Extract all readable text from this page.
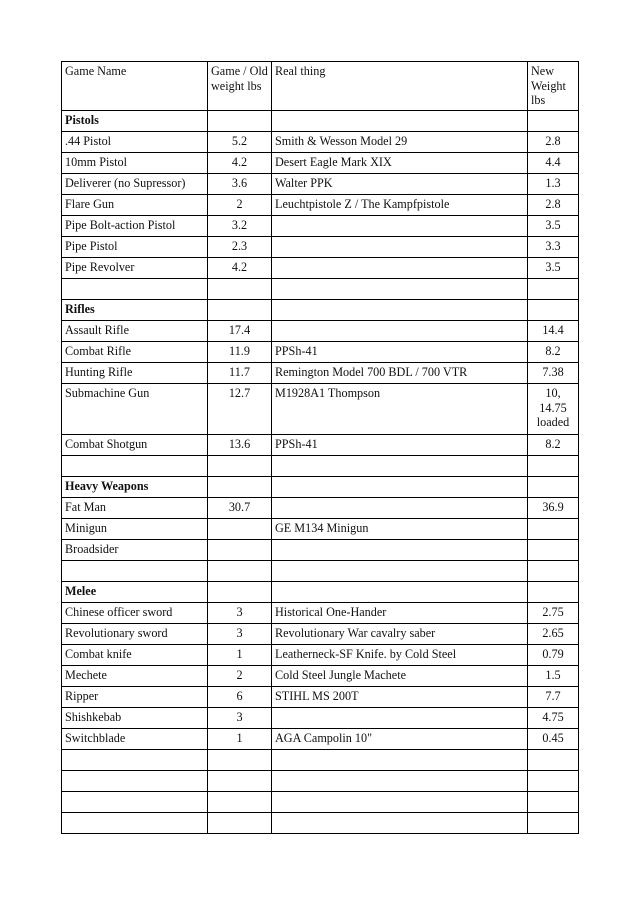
Game Name	Game / Old weight lbs	Real thing	New Weight lbs
Pistols			
.44 Pistol	5.2	Smith & Wesson Model 29	2.8
10mm Pistol	4.2	Desert Eagle Mark XIX	4.4
Deliverer (no Supressor)	3.6	Walter PPK	1.3
Flare Gun	2	Leuchtpistole Z / The Kampfpistole	2.8
Pipe Bolt-action Pistol	3.2		3.5
Pipe Pistol	2.3		3.3
Pipe Revolver	4.2		3.5

Rifles			
Assault Rifle	17.4		14.4
Combat Rifle	11.9	PPSh-41	8.2
Hunting Rifle	11.7	Remington Model 700 BDL / 700 VTR	7.38
Submachine Gun	12.7	M1928A1 Thompson	10, 14.75 loaded
Combat Shotgun	13.6	PPSh-41	8.2

Heavy Weapons			
Fat Man	30.7		36.9
Minigun		GE M134 Minigun	
Broadsider			

Melee			
Chinese officer sword	3	Historical One-Hander	2.75
Revolutionary sword	3	Revolutionary War cavalry saber	2.65
Combat knife	1	Leatherneck-SF Knife. by Cold Steel	0.79
Mechete	2	Cold Steel Jungle Machete	1.5
Ripper	6	STIHL MS 200T	7.7
Shishkebab	3		4.75
Switchblade	1	AGA Campolin 10"	0.45
